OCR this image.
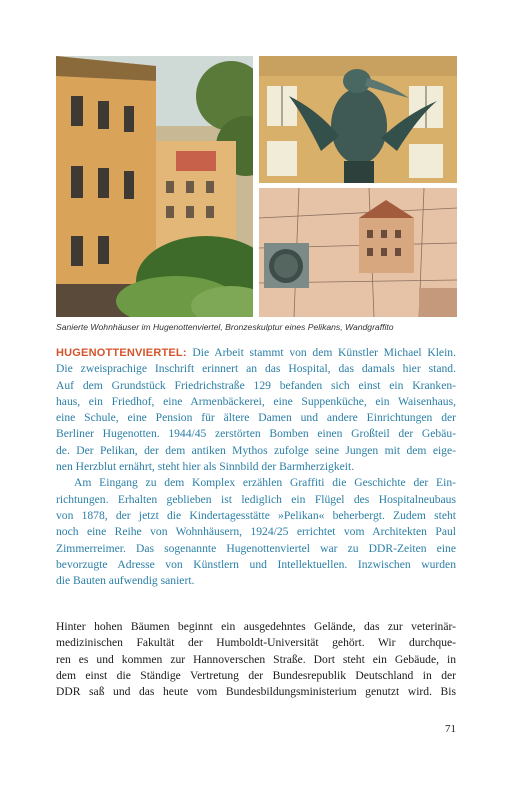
Sanierte Wohnhäuser im Hugenottenviertel, Bronzeskulptur eines Pelikans, Wandgraffito
HUGENOTTENVIERTEL: Die Arbeit stammt von dem Künstler Michael Klein.
Die zweisprachige Inschrift erinnert an das Hospital, das damals hier stand.
Auf dem Grundstück Friedrichstraße 129 befanden sich einst ein Kranken-
haus, ein Friedhof, eine Armenbäckerei, eine Suppenküche, ein Waisenhaus,
eine Schule, eine Pension für ältere Damen und andere Einrichtungen der
Berliner Hugenotten. 1944/45 zerstörten Bomben einen Großteil der Gebäu-
de. Der Pelikan, der dem antiken Mythos zufolge seine Jungen mit dem eige-
nen Herzblut ernährt, steht hier als Sinnbild der Barmherzigkeit.
Am Eingang zu dem Komplex erzählen Graffiti die Geschichte der Ein-
richtungen. Erhalten geblieben ist lediglich ein Flügel des Hospitalneubaus
von 1878, der jetzt die Kindertagesstätte »Pelikan« beherbergt. Zudem steht
noch eine Reihe von Wohnhäusern, 1924/25 errichtet vom Architekten Paul
Zimmerreimer. Das sogenannte Hugenottenviertel war zu DDR-Zeiten eine
bevorzugte Adresse von Künstlern und Intellektuellen. Inzwischen wurden
die Bauten aufwendig saniert.
Hinter hohen Bäumen beginnt ein ausgedehntes Gelände, das zur veterinär-
medizinischen Fakultät der Humboldt-Universität gehört. Wir durchque-
ren es und kommen zur Hannoverschen Straße. Dort steht ein Gebäude, in
dem einst die Ständige Vertretung der Bundesrepublik Deutschland in der
DDR saß und das heute vom Bundesbildungsministerium genutzt wird. Bis
71
